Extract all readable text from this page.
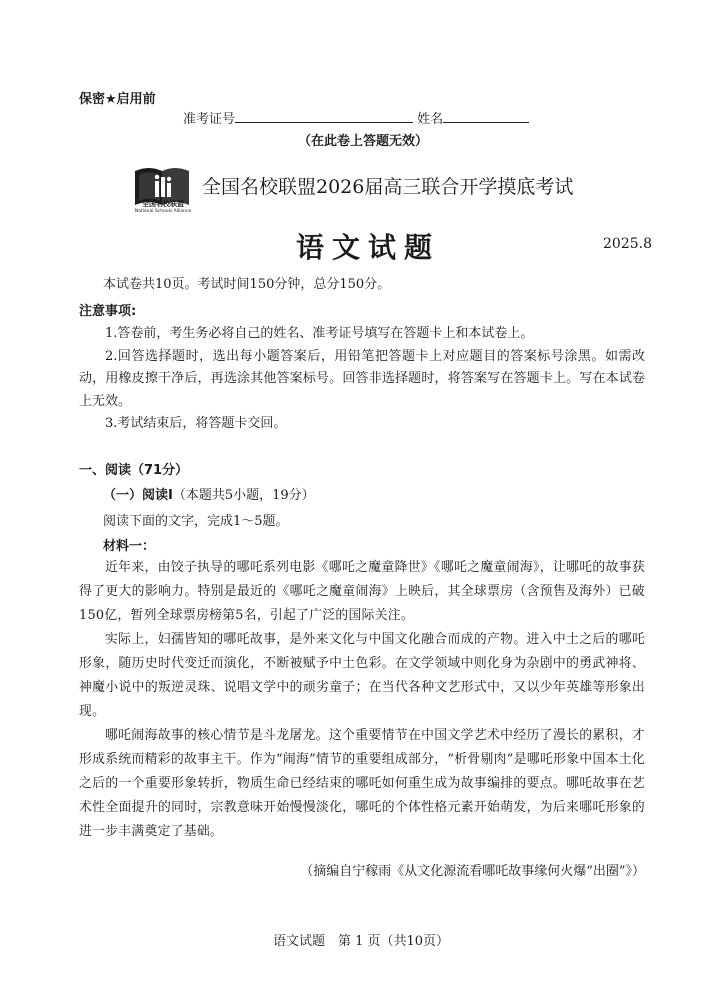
保密★启用前
准考证号	姓名
（在此卷上答题无效）
全国名校联盟
National Schools Alliance
全国名校联盟2026届高三联合开学摸底考试
语文试题	2025.8
本试卷共10页。考试时间150分钟，总分150分。
注意事项:

1.答卷前，考生务必将自己的姓名、准考证号填写在答题卡上和本试卷上。

2.回答选择题时，选出每小题答案后，用铅笔把答题卡上对应题目的答案标号涂黑。如需改动，用橡皮擦干净后，再选涂其他答案标号。回答非选择题时，将答案写在答题卡上。写在本试卷上无效。

3.考试结束后，将答题卡交回。

一、阅读（71分）
（一）阅读Ⅰ（本题共5小题，19分）
阅读下面的文字，完成1～5题。
材料一：

近年来，由饺子执导的哪吒系列电影《哪吒之魔童降世》《哪吒之魔童闹海》，让哪吒的故事获得了更大的影响力。特别是最近的《哪吒之魔童闹海》上映后，其全球票房（含预售及海外）已破150亿，暂列全球票房榜第5名，引起了广泛的国际关注。

实际上，妇孺皆知的哪吒故事，是外来文化与中国文化融合而成的产物。进入中土之后的哪吒形象，随历史时代变迁而演化，不断被赋予中土色彩。在文学领域中则化身为杂剧中的勇武神将、神魔小说中的叛逆灵珠、说唱文学中的顽劣童子；在当代各种文艺形式中，又以少年英雄等形象出现。

哪吒闹海故事的核心情节是斗龙屠龙。这个重要情节在中国文学艺术中经历了漫长的累积，才形成系统而精彩的故事主干。作为“闹海”情节的重要组成部分，“析骨剔肉”是哪吒形象中国本土化之后的一个重要形象转折，物质生命已经结束的哪吒如何重生成为故事编排的要点。哪吒故事在艺术性全面提升的同时，宗教意味开始慢慢淡化，哪吒的个体性格元素开始萌发，为后来哪吒形象的进一步丰满奠定了基础。

（摘编自宁稼雨《从文化源流看哪吒故事缘何火爆“出圈”》）
语文试题　第 1 页（共10页）
